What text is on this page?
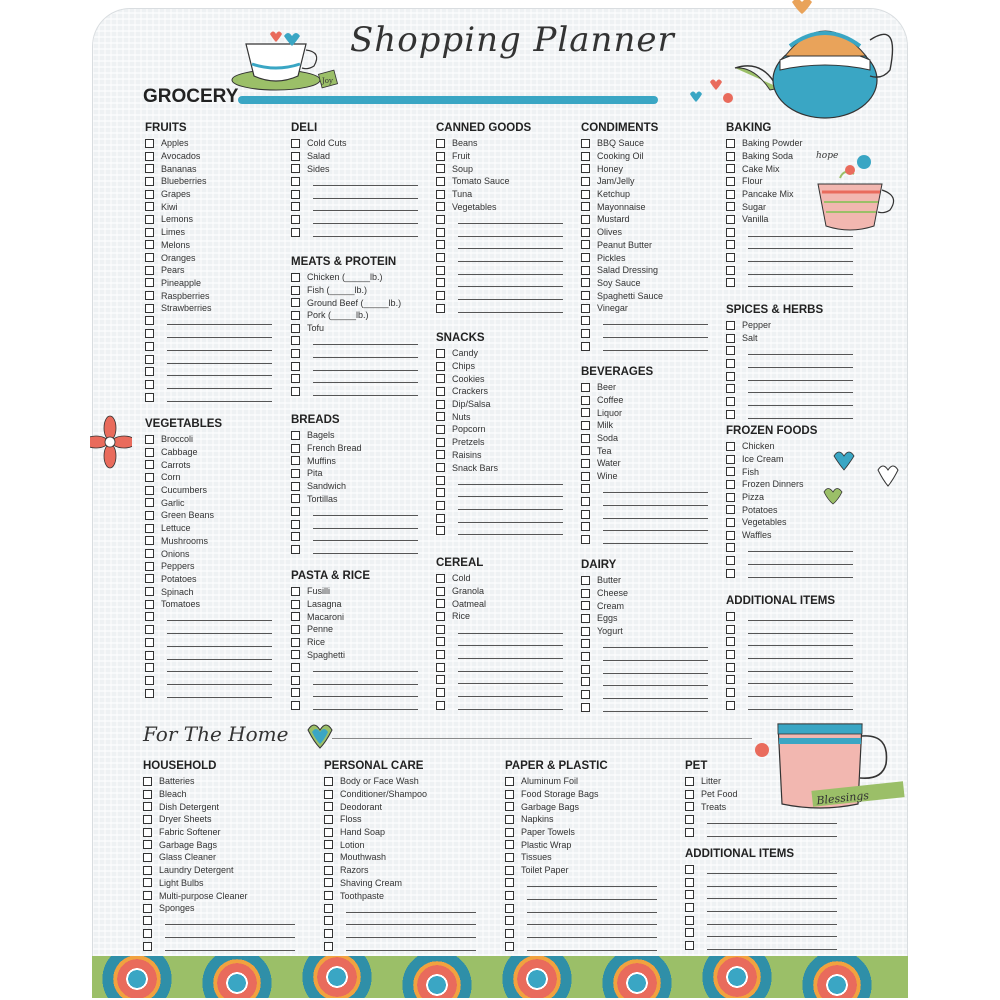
Shopping Planner
GROCERY
For The Home
Joy
hope
Blessings
FRUITS
Apples
Avocados
Bananas
Blueberries
Grapes
Kiwi
Lemons
Limes
Melons
Oranges
Pears
Pineapple
Raspberries
Strawberries
VEGETABLES
Broccoli
Cabbage
Carrots
Corn
Cucumbers
Garlic
Green Beans
Lettuce
Mushrooms
Onions
Peppers
Potatoes
Spinach
Tomatoes
DELI
Cold Cuts
Salad
Sides
MEATS & PROTEIN
Chicken (_____lb.)
Fish (_____lb.)
Ground Beef (_____lb.)
Pork (_____lb.)
Tofu
BREADS
Bagels
French Bread
Muffins
Pita
Sandwich
Tortillas
PASTA & RICE
Fusilli
Lasagna
Macaroni
Penne
Rice
Spaghetti
CANNED GOODS
Beans
Fruit
Soup
Tomato Sauce
Tuna
Vegetables
SNACKS
Candy
Chips
Cookies
Crackers
Dip/Salsa
Nuts
Popcorn
Pretzels
Raisins
Snack Bars
CEREAL
Cold
Granola
Oatmeal
Rice
CONDIMENTS
BBQ Sauce
Cooking Oil
Honey
Jam/Jelly
Ketchup
Mayonnaise
Mustard
Olives
Peanut Butter
Pickles
Salad Dressing
Soy Sauce
Spaghetti Sauce
Vinegar
BEVERAGES
Beer
Coffee
Liquor
Milk
Soda
Tea
Water
Wine
DAIRY
Butter
Cheese
Cream
Eggs
Yogurt
BAKING
Baking Powder
Baking Soda
Cake Mix
Flour
Pancake Mix
Sugar
Vanilla
SPICES & HERBS
Pepper
Salt
FROZEN FOODS
Chicken
Ice Cream
Fish
Frozen Dinners
Pizza
Potatoes
Vegetables
Waffles
ADDITIONAL ITEMS
HOUSEHOLD
Batteries
Bleach
Dish Detergent
Dryer Sheets
Fabric Softener
Garbage Bags
Glass Cleaner
Laundry Detergent
Light Bulbs
Multi-purpose Cleaner
Sponges
PERSONAL CARE
Body or Face Wash
Conditioner/Shampoo
Deodorant
Floss
Hand Soap
Lotion
Mouthwash
Razors
Shaving Cream
Toothpaste
PAPER & PLASTIC
Aluminum Foil
Food Storage Bags
Garbage Bags
Napkins
Paper Towels
Plastic Wrap
Tissues
Toilet Paper
PET
Litter
Pet Food
Treats
ADDITIONAL ITEMS
